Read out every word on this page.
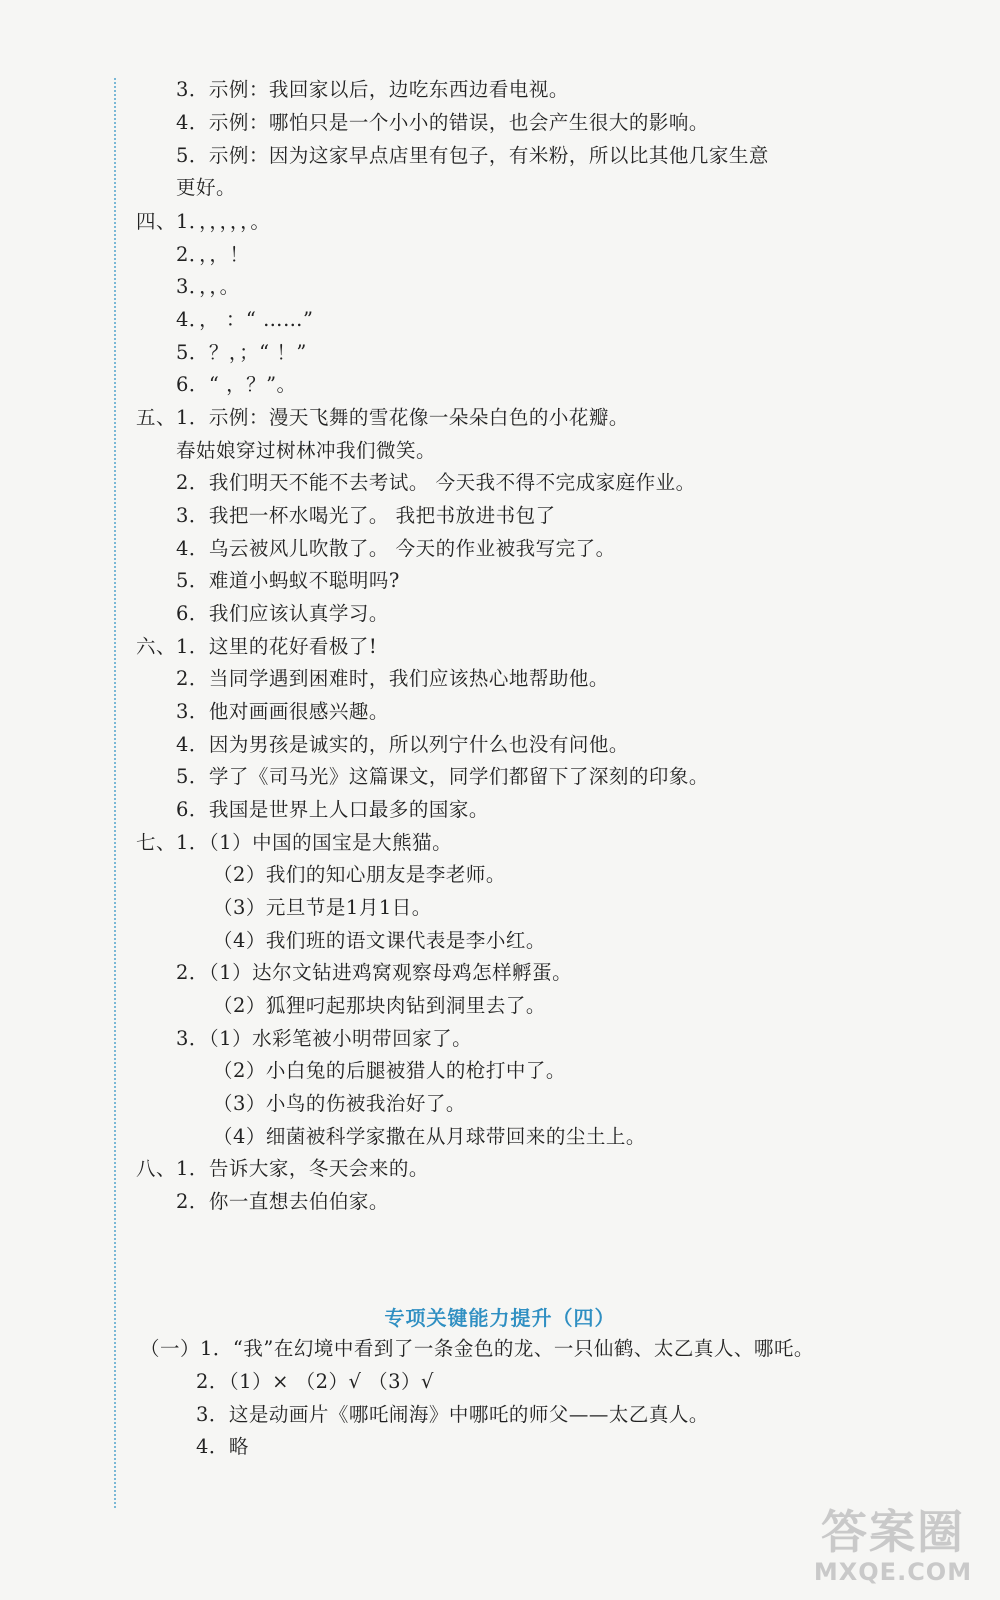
3．示例：我回家以后，边吃东西边看电视。
4．示例：哪怕只是一个小小的错误，也会产生很大的影响。
5．示例：因为这家早点店里有包子，有米粉，所以比其他几家生意
更好。
四、1．，，，，，。
2．，，！
3．，，。
4．， ：“ ……”
5．？，；“ ！”
6．“ ，？”。
五、1．示例：漫天飞舞的雪花像一朵朵白色的小花瓣。
春姑娘穿过树林冲我们微笑。
2．我们明天不能不去考试。 今天我不得不完成家庭作业。
3．我把一杯水喝光了。 我把书放进书包了
4．乌云被风儿吹散了。 今天的作业被我写完了。
5．难道小蚂蚁不聪明吗?
6．我们应该认真学习。
六、1．这里的花好看极了!
2．当同学遇到困难时，我们应该热心地帮助他。
3．他对画画很感兴趣。
4．因为男孩是诚实的，所以列宁什么也没有问他。
5．学了《司马光》这篇课文，同学们都留下了深刻的印象。
6．我国是世界上人口最多的国家。
七、1．（1）中国的国宝是大熊猫。
（2）我们的知心朋友是李老师。
（3）元旦节是1月1日。
（4）我们班的语文课代表是李小红。
2．（1）达尔文钻进鸡窝观察母鸡怎样孵蛋。
（2）狐狸叼起那块肉钻到洞里去了。
3．（1）水彩笔被小明带回家了。
（2）小白兔的后腿被猎人的枪打中了。
（3）小鸟的伤被我治好了。
（4）细菌被科学家撒在从月球带回来的尘土上。
八、1．告诉大家，冬天会来的。
2．你一直想去伯伯家。
专项关键能力提升（四）
（一）1．“我”在幻境中看到了一条金色的龙、一只仙鹤、太乙真人、哪吒。
2．（1）× （2）√ （3）√
3．这是动画片《哪吒闹海》中哪吒的师父——太乙真人。
4．略
答案圈
MXQE.COM
